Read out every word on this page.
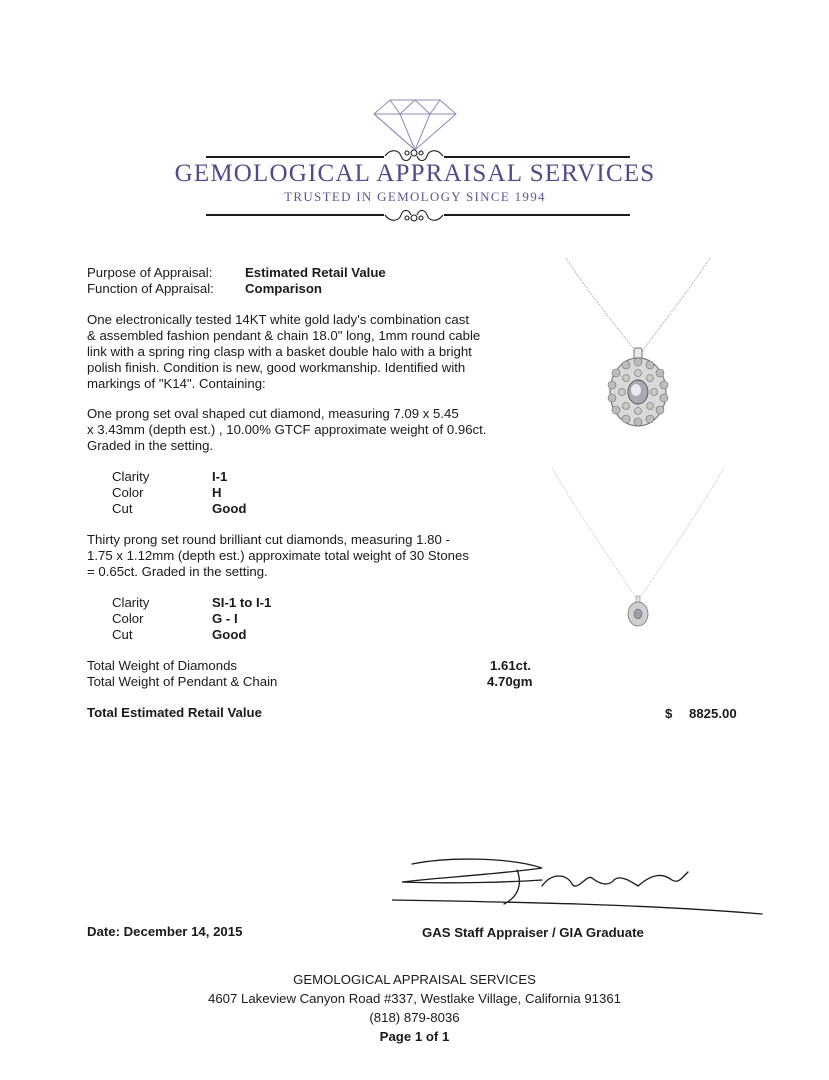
GEMOLOGICAL APPRAISAL SERVICES
TRUSTED IN GEMOLOGY SINCE 1994
Purpose of Appraisal: Estimated Retail Value
Function of Appraisal: Comparison
One electronically tested 14KT white gold lady's combination cast
& assembled fashion pendant & chain 18.0" long, 1mm round cable
link with a spring ring clasp with a basket double halo with a bright
polish finish. Condition is new, good workmanship. Identified with
markings of "K14". Containing:
One prong set oval shaped cut diamond, measuring 7.09 x 5.45
x 3.43mm (depth est.) , 10.00% GTCF approximate weight of 0.96ct.
Graded in the setting.
Clarity	I-1
Color	H
Cut	Good
Thirty prong set round brilliant cut diamonds, measuring 1.80 -
1.75 x 1.12mm (depth est.) approximate total weight of 30 Stones
= 0.65ct. Graded in the setting.
Clarity	SI-1 to I-1
Color	G - I
Cut	Good
Total Weight of Diamonds	1.61ct.
Total Weight of Pendant & Chain	4.70gm
Total Estimated Retail Value	$ 8825.00
Date: December 14, 2015	GAS Staff Appraiser / GIA Graduate
GEMOLOGICAL APPRAISAL SERVICES
4607 Lakeview Canyon Road #337, Westlake Village, California 91361
(818) 879-8036
Page 1 of 1
